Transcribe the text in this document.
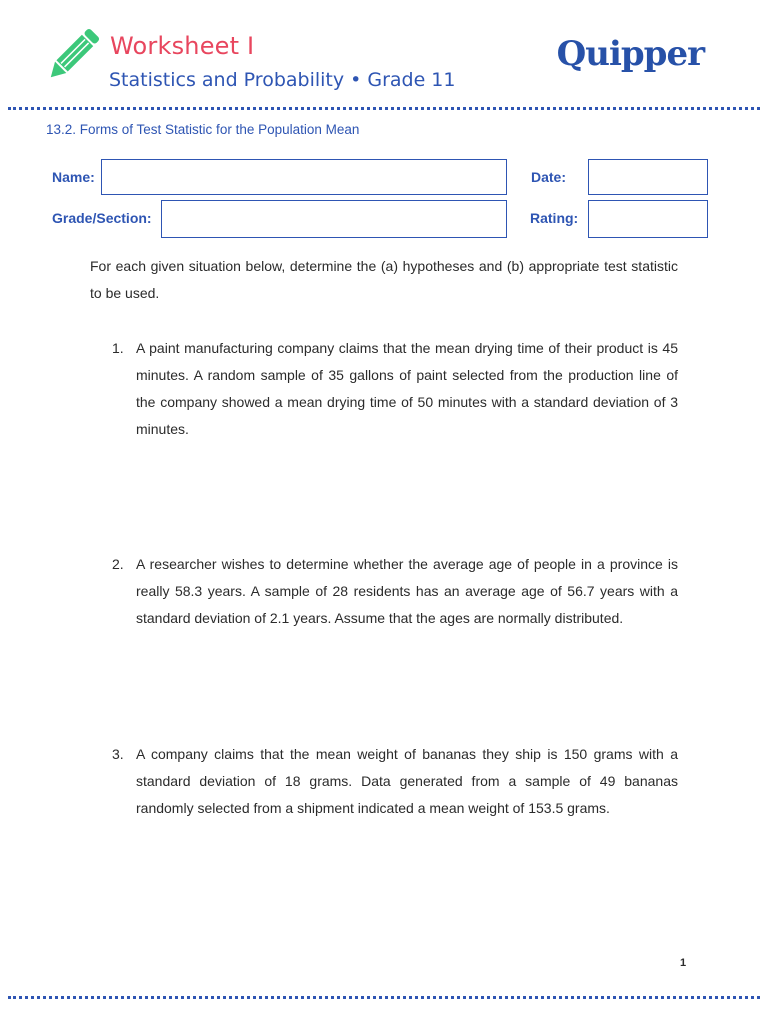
Worksheet I
Statistics and Probability • Grade 11
Quipper
13.2. Forms of Test Statistic for the Population Mean
Name:	Date:
Grade/Section:	Rating:
For each given situation below, determine the (a) hypotheses and (b) appropriate test statistic to be used.
1. A paint manufacturing company claims that the mean drying time of their product is 45 minutes. A random sample of 35 gallons of paint selected from the production line of the company showed a mean drying time of 50 minutes with a standard deviation of 3 minutes.
2. A researcher wishes to determine whether the average age of people in a province is really 58.3 years. A sample of 28 residents has an average age of 56.7 years with a standard deviation of 2.1 years. Assume that the ages are normally distributed.
3. A company claims that the mean weight of bananas they ship is 150 grams with a standard deviation of 18 grams. Data generated from a sample of 49 bananas randomly selected from a shipment indicated a mean weight of 153.5 grams.
1
